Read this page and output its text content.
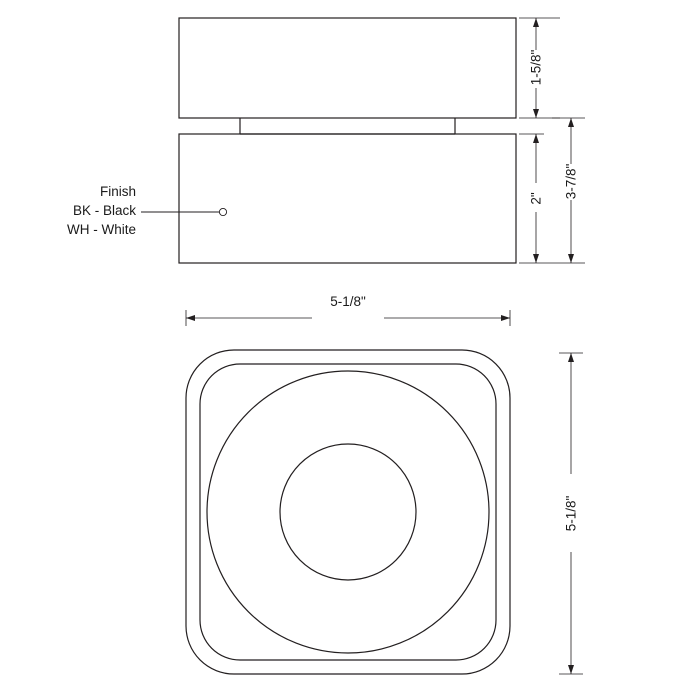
Finish
BK - Black
WH - White
1-5/8"
2" 3-7/8"
5-1/8"
5-1/8"
